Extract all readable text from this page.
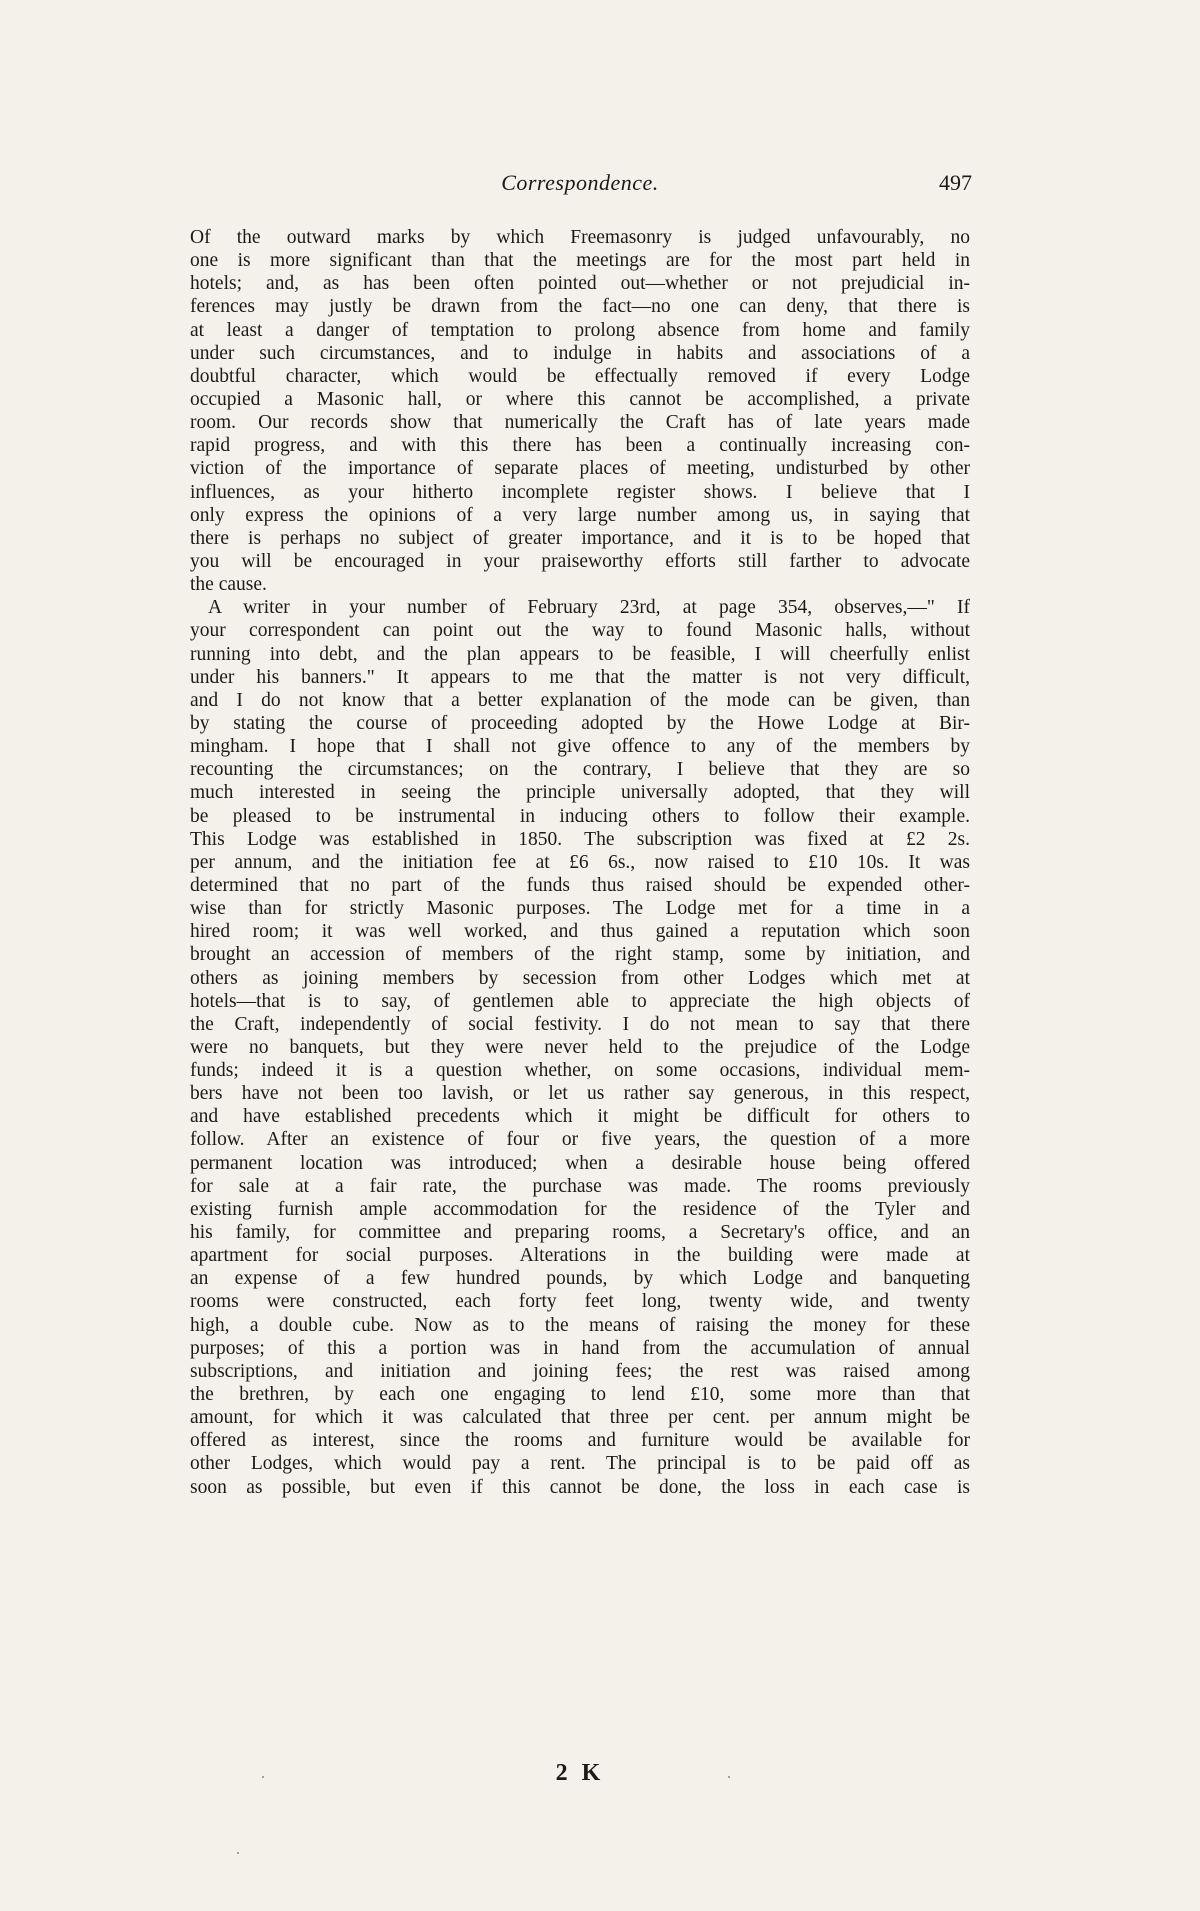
Correspondence.	497
Of the outward marks by which Freemasonry is judged unfavourably, no
one is more significant than that the meetings are for the most part held in
hotels; and, as has been often pointed out—whether or not prejudicial in-
ferences may justly be drawn from the fact—no one can deny, that there is
at least a danger of temptation to prolong absence from home and family
under such circumstances, and to indulge in habits and associations of a
doubtful character, which would be effectually removed if every Lodge
occupied a Masonic hall, or where this cannot be accomplished, a private
room. Our records show that numerically the Craft has of late years made
rapid progress, and with this there has been a continually increasing con-
viction of the importance of separate places of meeting, undisturbed by other
influences, as your hitherto incomplete register shows. I believe that I
only express the opinions of a very large number among us, in saying that
there is perhaps no subject of greater importance, and it is to be hoped that
you will be encouraged in your praiseworthy efforts still farther to advocate
the cause.
A writer in your number of February 23rd, at page 354, observes,—" If
your correspondent can point out the way to found Masonic halls, without
running into debt, and the plan appears to be feasible, I will cheerfully enlist
under his banners." It appears to me that the matter is not very difficult,
and I do not know that a better explanation of the mode can be given, than
by stating the course of proceeding adopted by the Howe Lodge at Bir-
mingham. I hope that I shall not give offence to any of the members by
recounting the circumstances; on the contrary, I believe that they are so
much interested in seeing the principle universally adopted, that they will
be pleased to be instrumental in inducing others to follow their example.
This Lodge was established in 1850. The subscription was fixed at £2 2s.
per annum, and the initiation fee at £6 6s., now raised to £10 10s. It was
determined that no part of the funds thus raised should be expended other-
wise than for strictly Masonic purposes. The Lodge met for a time in a
hired room; it was well worked, and thus gained a reputation which soon
brought an accession of members of the right stamp, some by initiation, and
others as joining members by secession from other Lodges which met at
hotels—that is to say, of gentlemen able to appreciate the high objects of
the Craft, independently of social festivity. I do not mean to say that there
were no banquets, but they were never held to the prejudice of the Lodge
funds; indeed it is a question whether, on some occasions, individual mem-
bers have not been too lavish, or let us rather say generous, in this respect,
and have established precedents which it might be difficult for others to
follow. After an existence of four or five years, the question of a more
permanent location was introduced; when a desirable house being offered
for sale at a fair rate, the purchase was made. The rooms previously
existing furnish ample accommodation for the residence of the Tyler and
his family, for committee and preparing rooms, a Secretary's office, and an
apartment for social purposes. Alterations in the building were made at
an expense of a few hundred pounds, by which Lodge and banqueting
rooms were constructed, each forty feet long, twenty wide, and twenty
high, a double cube. Now as to the means of raising the money for these
purposes; of this a portion was in hand from the accumulation of annual
subscriptions, and initiation and joining fees; the rest was raised among
the brethren, by each one engaging to lend £10, some more than that
amount, for which it was calculated that three per cent. per annum might be
offered as interest, since the rooms and furniture would be available for
other Lodges, which would pay a rent. The principal is to be paid off as
soon as possible, but even if this cannot be done, the loss in each case is
2 K
